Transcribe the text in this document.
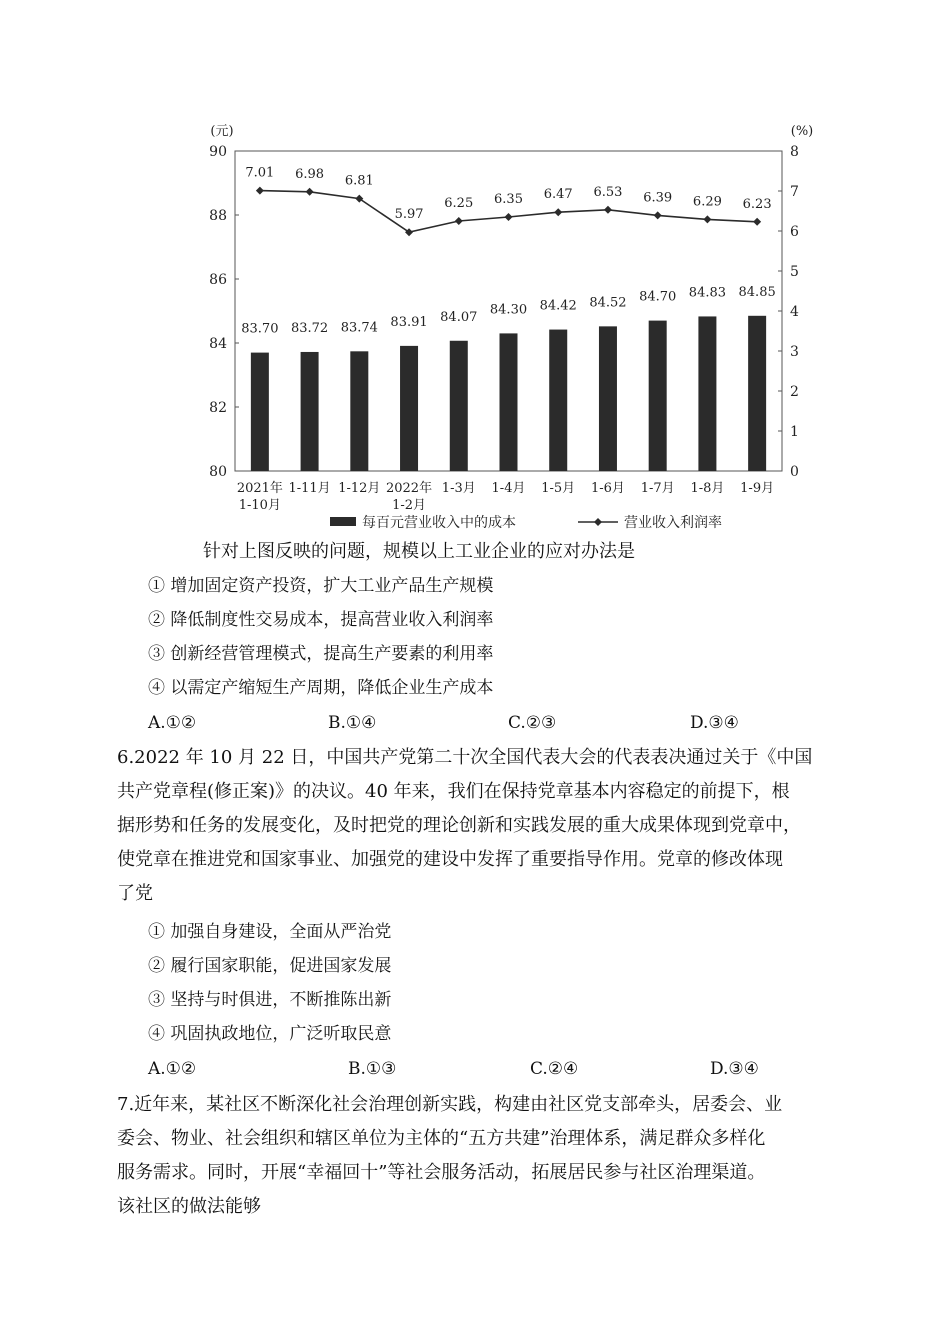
80
82
84
86
88
90
(元)
0
1
2
3
4
5
6
7
8
(%)
83.70 83.72 83.74 83.91 84.07 84.30 84.42 84.52 84.70 84.83 84.85
7.01 6.98 6.81
5.97
6.25 6.35 6.47 6.53 6.39 6.29 6.23
2021年
1-10月
1-11月 1-12月 2022年
1-2月
1-3月 1-4月 1-5月 1-6月 1-7月 1-8月 1-9月
每百元营业收入中的成本	营业收入利润率
针对上图反映的问题，规模以上工业企业的应对办法是
① 增加固定资产投资，扩大工业产品生产规模
② 降低制度性交易成本，提高营业收入利润率
③ 创新经营管理模式，提高生产要素的利用率
④ 以需定产缩短生产周期，降低企业生产成本
A.①②	B.①④	C.②③	D.③④
6.2022 年 10 月 22 日，中国共产党第二十次全国代表大会的代表表决通过关于《中国
共产党章程(修正案)》的决议。40 年来，我们在保持党章基本内容稳定的前提下，根
据形势和任务的发展变化，及时把党的理论创新和实践发展的重大成果体现到党章中，
使党章在推进党和国家事业、加强党的建设中发挥了重要指导作用。党章的修改体现
了党
① 加强自身建设，全面从严治党
② 履行国家职能，促进国家发展
③ 坚持与时俱进，不断推陈出新
④ 巩固执政地位，广泛听取民意
A.①②	B.①③	C.②④	D.③④
7.近年来，某社区不断深化社会治理创新实践，构建由社区党支部牵头，居委会、业
委会、物业、社会组织和辖区单位为主体的“五方共建”治理体系，满足群众多样化
服务需求。同时，开展“幸福回十”等社会服务活动，拓展居民参与社区治理渠道。
该社区的做法能够
